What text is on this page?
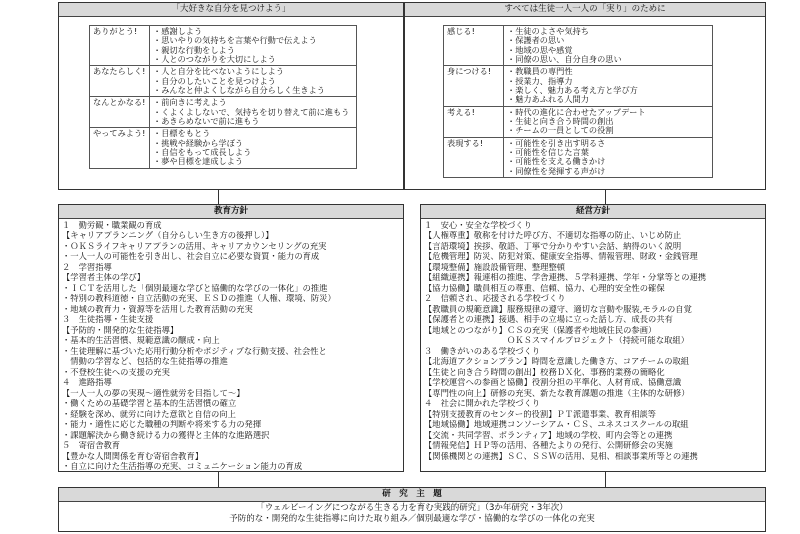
「大好きな自分を見つけよう」
ありがとう!	・感謝しよう
・思いやりの気持ちを言葉や行動で伝えよう
・親切な行動をしよう
・人とのつながりを大切にしよう

あなたらしく!	・人と自分を比べないようにしよう
・自分のしたいことを見つけよう
・みんなと仲よくしながら自分らしく生きよう

なんとかなる!	・前向きに考えよう
・くよくよしないで、気持ちを切り替えて前に進もう
・あきらめないで前に進もう

やってみよう!	・目標をもとう
・挑戦や経験から学ぼう
・自信をもって成長しよう
・夢や目標を達成しよう
すべては生徒一人一人の「実り」のために
感じる!	・生徒のよさや気持ち
・保護者の思い
・地域の思や感覚
・同僚の思い、自分自身の思い

身につける!	・教職員の専門性
・授業力、指導力
・楽しく、魅力ある考え方と学び方
・魅力あふれる人間力

考える!	・時代の進化に合わせたアップデート
・生徒と向き合う時間の創出
・チームの一員としての役割

表現する!	・可能性を引き出す明るさ
・可能性を信じた言葉
・可能性を支える働きかけ
・同僚性を発揮する声がけ
教育方針
１　勤労観・職業観の育成
【キャリアプランニング（自分らしい生き方の後押し）】
・ＯＫＳライフキャリアプランの活用、キャリアカウンセリングの充実
・一人一人の可能性を引き出し、社会自立に必要な資質・能力の育成
２　学習指導
【学習者主体の学び】
・ＩＣＴを活用した「個別最適な学びと協働的な学びの一体化」の推進
・特別の教科道徳・自立活動の充実、ＥＳＤの推進（人権、環境、防災）
・地域の教育力・資源等を活用した教育活動の充実
３　生徒指導・生徒支援
【予防的・開発的な生徒指導】
・基本的生活習慣、規範意識の醸成・向上
・生徒理解に基づいた応用行動分析やポジティブな行動支援、社会性と
　情動の学習など、包括的な生徒指導の推進
・不登校生徒への支援の充実
４　進路指導
【一人一人の夢の実現～適性就労を目指して～】
・働くための基礎学習と基本的生活習慣の確立
・経験を深め、就労に向けた意欲と自信の向上
・能力・適性に応じた職種の判断や将来する力の発揮
・課題解決から働き続ける力の獲得と主体的な進路選択
５　寄宿舎教育
【豊かな人間関係を育む寄宿舎教育】
・自立に向けた生活指導の充実、コミュニケーション能力の育成
経営方針
１　安心・安全な学校づくり
【人権尊重】敬称を付けた呼び方、不適切な指導の防止、いじめ防止
【言語環境】挨拶、敬語、丁寧で分かりやすい会話、納得のいく説明
【危機管理】防災、防犯対策、健康安全指導、情報管理、財政・金銭管理
【環境整備】施設設備管理、整理整頓
【組織連携】報連相の推進、学舎連携、５学科連携、学年・分掌等との連携
【協力協働】職員相互の尊重、信頼、協力、心理的安全性の確保
２　信頼され、応援される学校づくり
【教職員の規範意識】服務規律の遵守、適切な言動や服装,モラルの自覚
【保護者との連携】接遇、相手の立場に立った話し方、成長の共有
【地域とのつながり】ＣＳの充実（保護者や地域住民の参画）
　　　　　　　　　　ＯＫＳスマイルプロジェクト（持続可能な取組）
３　働きがいのある学校づくり
【北海道アクションプラン】時間を意識した働き方、コアチームの取組
【生徒と向き合う時間の創出】校務ＤＸ化、事務的業務の簡略化
【学校運営への参画と協働】役割分担の平準化、人材育成、協働意識
【専門性の向上】研修の充実、新たな教育課題の推進（主体的な研修）
４　社会に開かれた学校づくり
【特別支援教育のセンター的役割】ＰＴ派遣事業、教育相談等
【地域協働】地域連携コンソーシアム・ＣＳ、ユネスコスクールの取組
【交流・共同学習、ボランティア】地域の学校、町内会等との連携
【情報発信】ＨＰ等の活用、各種たよりの発行、公開研修会の実施
【関係機関との連携】ＳＣ、ＳＳＷの活用、見相、相談事業所等との連携
研　究　主　題
「ウェルビーイングにつながる生きる力を育む実践的研究」（3か年研究・3年次）
予防的な・開発的な生徒指導に向けた取り組み／個別最適な学び・協働的な学びの一体化の充実
